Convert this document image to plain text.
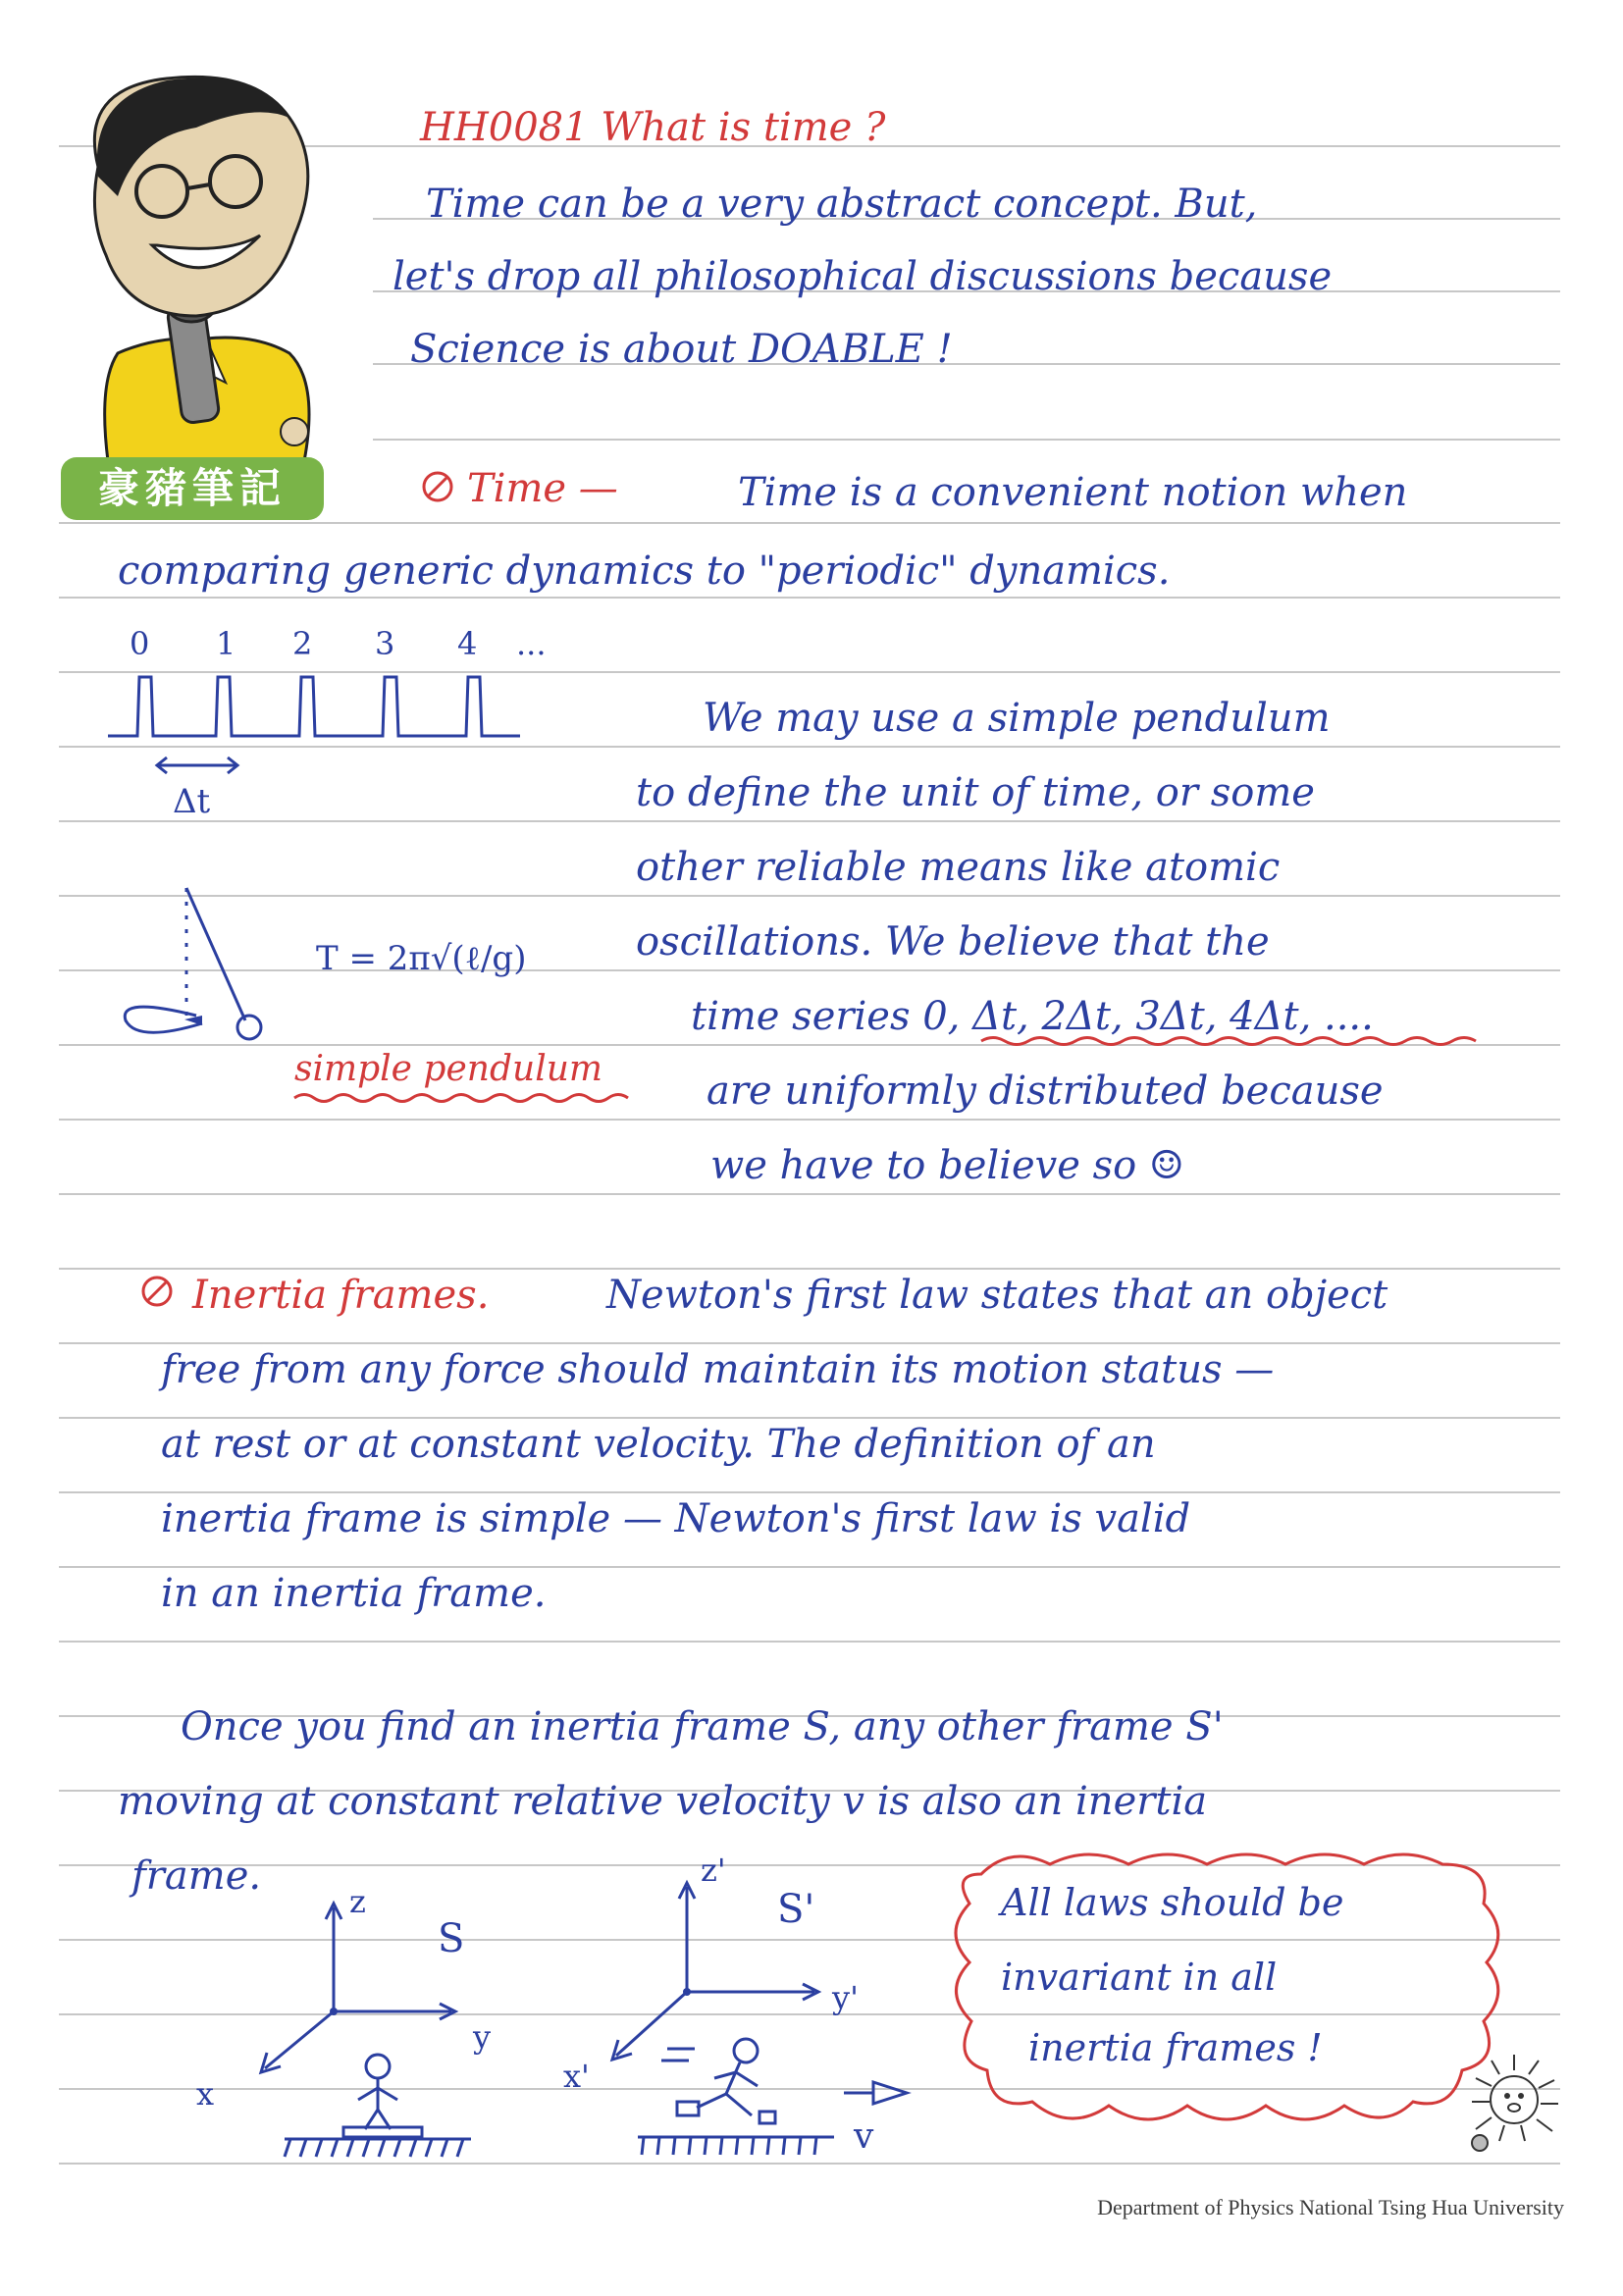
豪豬筆記
HH0081 What is time ?
Time can be a very abstract concept. But,
let's drop all philosophical discussions because
Science is about DOABLE !
Time —	Time is a convenient notion when
comparing generic dynamics to "periodic" dynamics.
0 1 2 3 4 ...
Δt
T = 2π√(ℓ/g)
simple pendulum
We may use a simple pendulum
to define the unit of time, or some
other reliable means like atomic
oscillations. We believe that the
time series 0, Δt, 2Δt, 3Δt, 4Δt, ....
are uniformly distributed because
we have to believe so ☺
Inertia frames.	Newton's first law states that an object
free from any force should maintain its motion status —
at rest or at constant velocity. The definition of an
inertia frame is simple — Newton's first law is valid
in an inertia frame.
Once you find an inertia frame S, any other frame S'
moving at constant relative velocity v is also an inertia
frame.
z
S
y
x
z'
S'
y'
x'
v
All laws should be
invariant in all
inertia frames !
Department of Physics National Tsing Hua University
